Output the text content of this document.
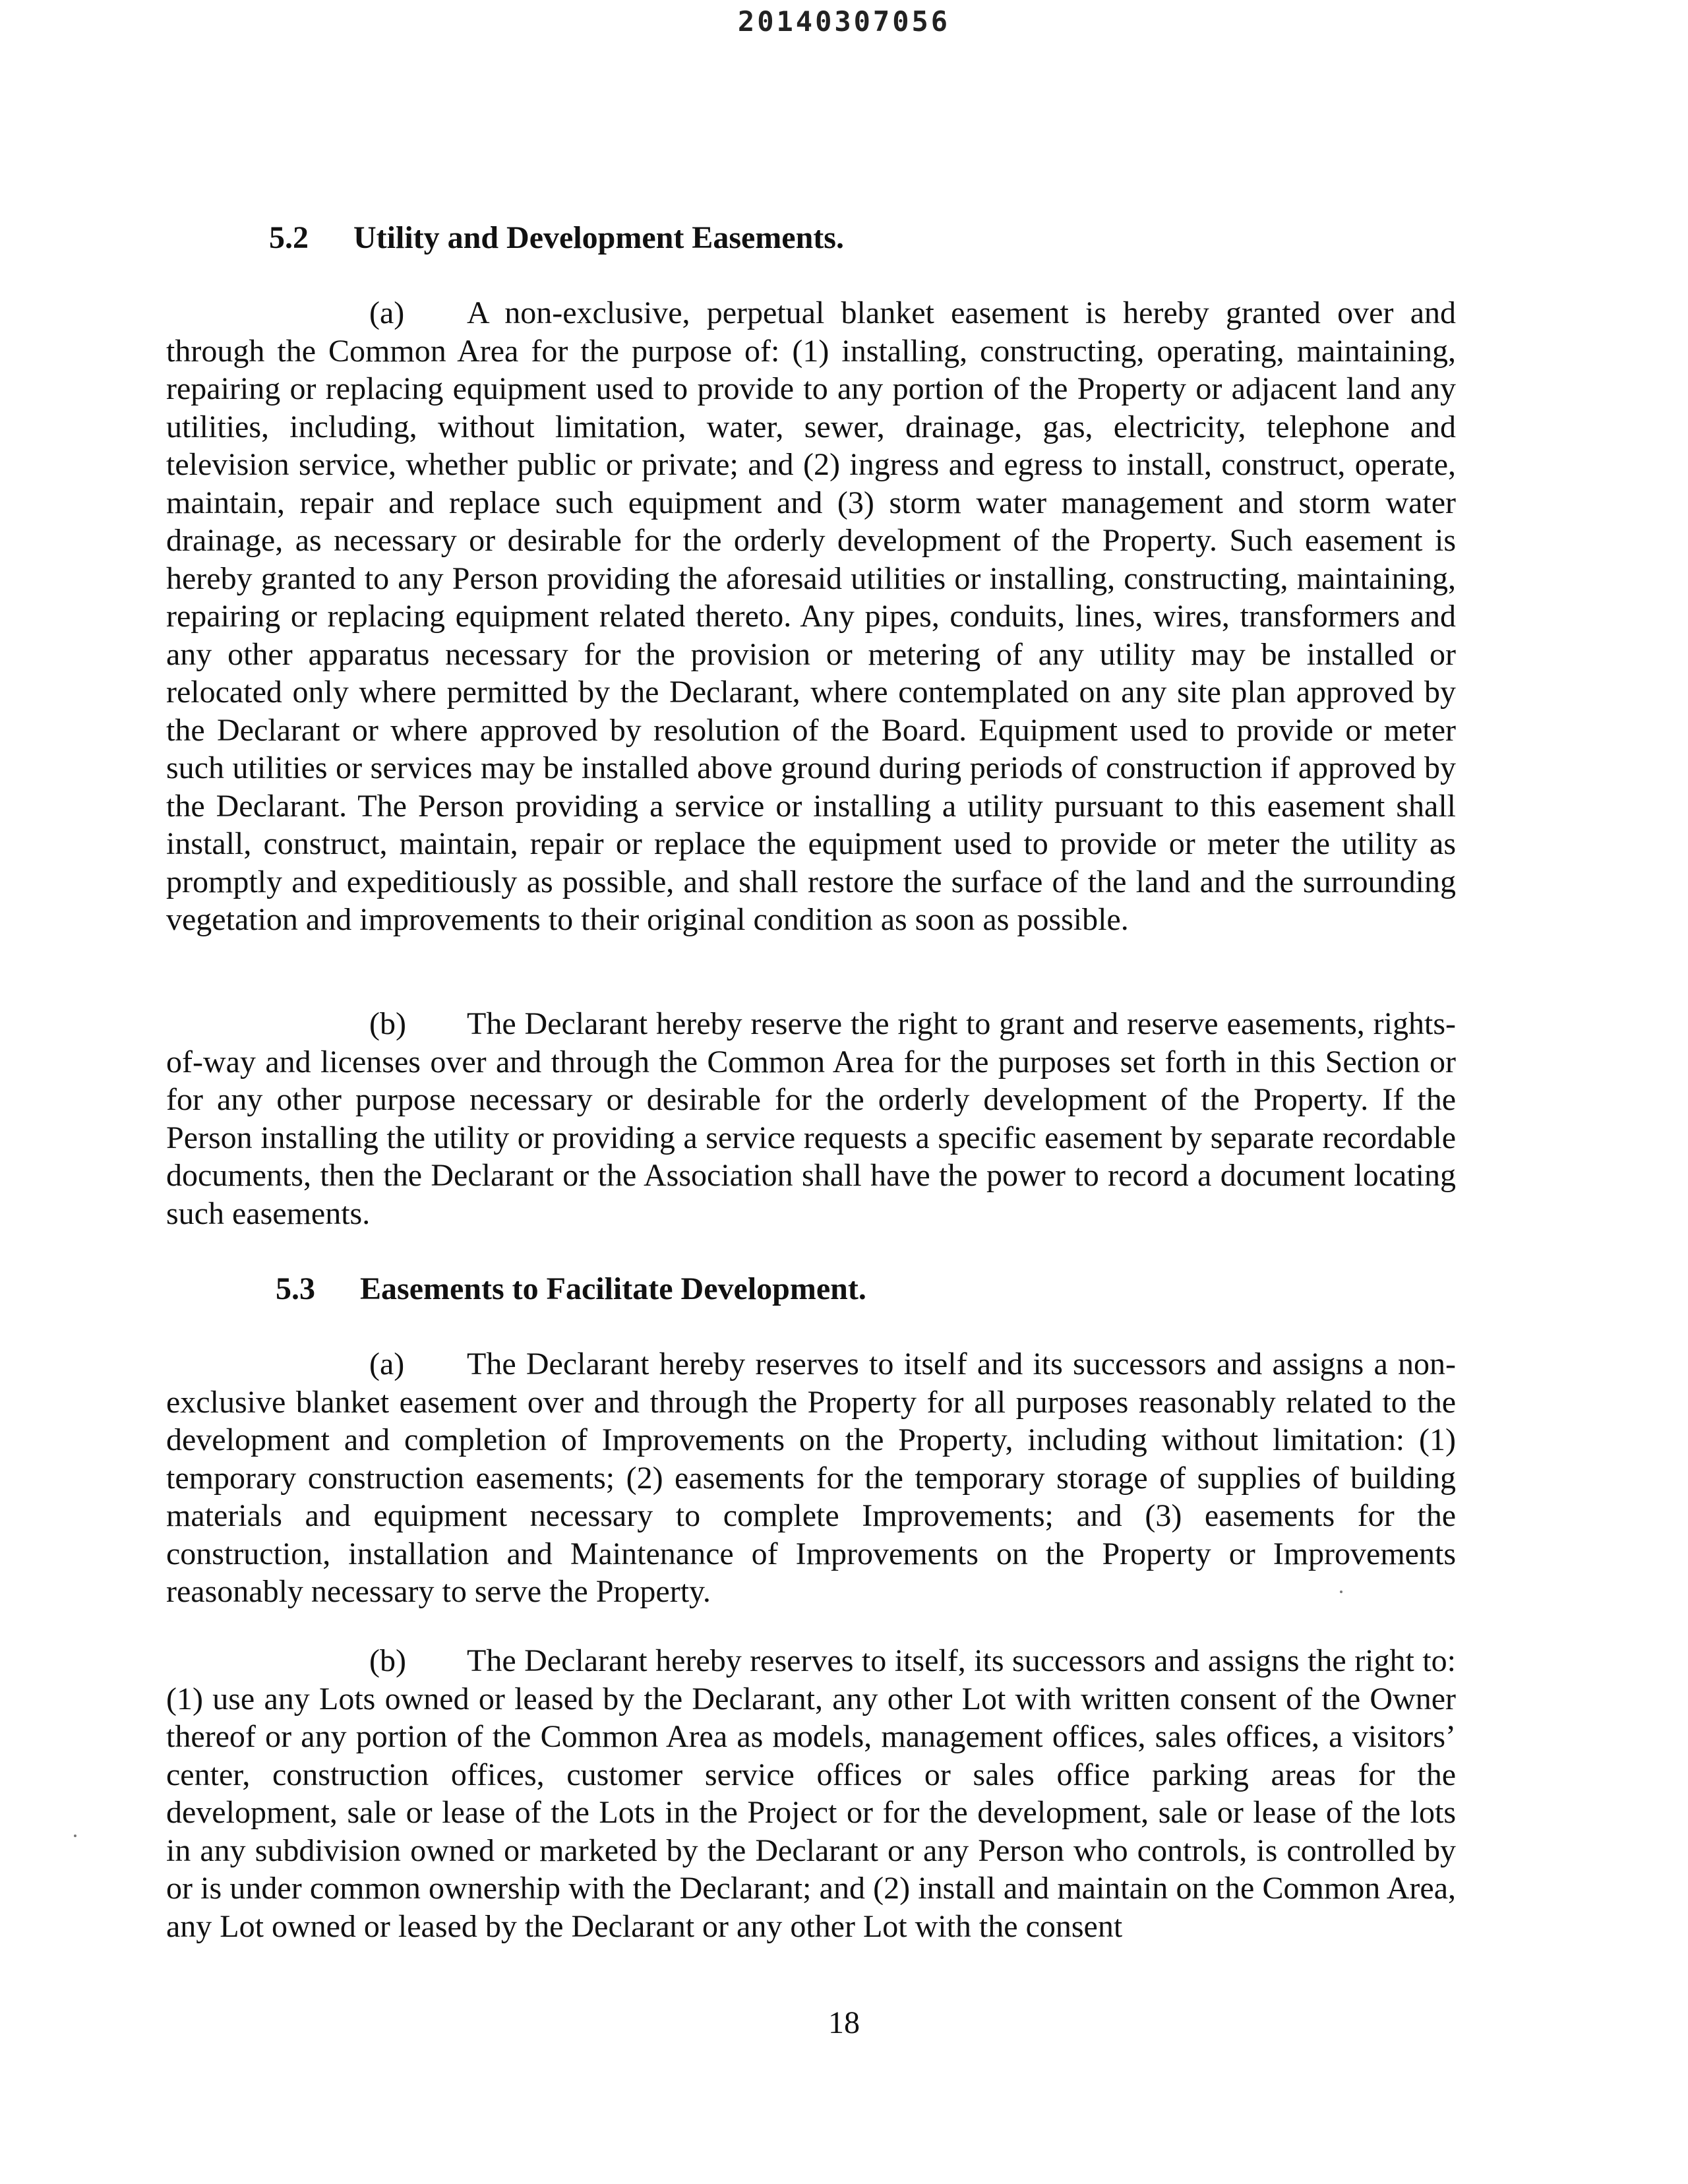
20140307056
5.2 Utility and Development Easements.

(a) A non-exclusive, perpetual blanket easement is hereby granted over and through the Common Area for the purpose of: (1) installing, constructing, operating, maintaining, repairing or replacing equipment used to provide to any portion of the Property or adjacent land any utilities, including, without limitation, water, sewer, drainage, gas, electricity, telephone and television service, whether public or private; and (2) ingress and egress to install, construct, operate, maintain, repair and replace such equipment and (3) storm water management and storm water drainage, as necessary or desirable for the orderly development of the Property. Such easement is hereby granted to any Person providing the aforesaid utilities or installing, constructing, maintaining, repairing or replacing equipment related thereto. Any pipes, conduits, lines, wires, transformers and any other apparatus necessary for the provision or metering of any utility may be installed or relocated only where permitted by the Declarant, where contemplated on any site plan approved by the Declarant or where approved by resolution of the Board. Equipment used to provide or meter such utilities or services may be installed above ground during periods of construction if approved by the Declarant. The Person providing a service or installing a utility pursuant to this easement shall install, construct, maintain, repair or replace the equipment used to provide or meter the utility as promptly and expeditiously as possible, and shall restore the surface of the land and the surrounding vegetation and improvements to their original condition as soon as possible.

(b) The Declarant hereby reserve the right to grant and reserve easements, rights-of-way and licenses over and through the Common Area for the purposes set forth in this Section or for any other purpose necessary or desirable for the orderly development of the Property. If the Person installing the utility or providing a service requests a specific easement by separate recordable documents, then the Declarant or the Association shall have the power to record a document locating such easements.

5.3 Easements to Facilitate Development.

(a) The Declarant hereby reserves to itself and its successors and assigns a non-exclusive blanket easement over and through the Property for all purposes reasonably related to the development and completion of Improvements on the Property, including without limitation: (1) temporary construction easements; (2) easements for the temporary storage of supplies of building materials and equipment necessary to complete Improvements; and (3) easements for the construction, installation and Maintenance of Improvements on the Property or Improvements reasonably necessary to serve the Property.

(b) The Declarant hereby reserves to itself, its successors and assigns the right to: (1) use any Lots owned or leased by the Declarant, any other Lot with written consent of the Owner thereof or any portion of the Common Area as models, management offices, sales offices, a visitors’ center, construction offices, customer service offices or sales office parking areas for the development, sale or lease of the Lots in the Project or for the development, sale or lease of the lots in any subdivision owned or marketed by the Declarant or any Person who controls, is controlled by or is under common ownership with the Declarant; and (2) install and maintain on the Common Area, any Lot owned or leased by the Declarant or any other Lot with the consent

18
